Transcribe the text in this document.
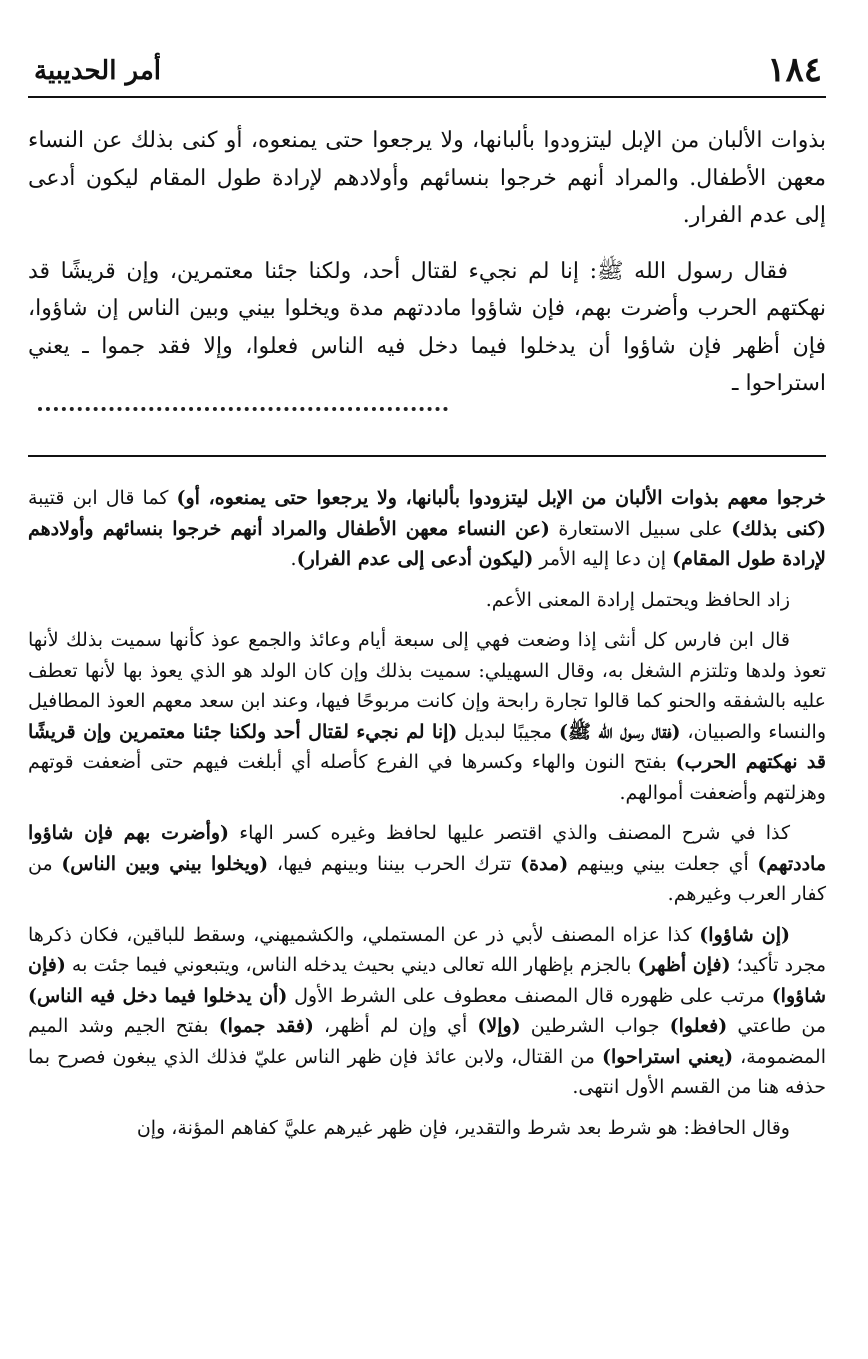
١٨٤
أمر الحديبية

بذوات الألبان من الإبل ليتزودوا بألبانها، ولا يرجعوا حتى يمنعوه، أو كنى بذلك عن النساء معهن الأطفال. والمراد أنهم خرجوا بنسائهم وأولادهم لإرادة طول المقام ليكون أدعى إلى عدم الفرار.

فقال رسول الله ﷺ: إنا لم نجيء لقتال أحد، ولكنا جئنا معتمرين، وإن قريشًا قد نهكتهم الحرب وأضرت بهم، فإن شاؤوا ماددتهم مدة ويخلوا بيني وبين الناس إن شاؤوا، فإن أظهر فإن شاؤوا أن يدخلوا فيما دخل فيه الناس فعلوا، وإلا فقد جموا ـ يعني استراحوا ـ

خرجوا معهم بذوات الألبان من الإبل ليتزودوا بألبانها، ولا يرجعوا حتى يمنعوه، أو) كما قال ابن قتيبة (كنى بذلك) على سبيل الاستعارة (عن النساء معهن الأطفال والمراد أنهم خرجوا بنسائهم وأولادهم لإرادة طول المقام) إن دعا إليه الأمر (ليكون أدعى إلى عدم الفرار).

زاد الحافظ ويحتمل إرادة المعنى الأعم.

قال ابن فارس كل أنثى إذا وضعت فهي إلى سبعة أيام وعائذ والجمع عوذ كأنها سميت بذلك لأنها تعوذ ولدها وتلتزم الشغل به، وقال السهيلي: سميت بذلك وإن كان الولد هو الذي يعوذ بها لأنها تعطف عليه بالشفقه والحنو كما قالوا تجارة رابحة وإن كانت مربوحًا فيها، وعند ابن سعد معهم العوذ المطافيل والنساء والصبيان، (فقال رسول الله ﷺ) مجيبًا لبديل (إنا لم نجيء لقتال أحد ولكنا جئنا معتمرين وإن قريشًا قد نهكتهم الحرب) بفتح النون والهاء وكسرها في الفرع كأصله أي أبلغت فيهم حتى أضعفت قوتهم وهزلتهم وأضعفت أموالهم.

كذا في شرح المصنف والذي اقتصر عليها لحافظ وغيره كسر الهاء (وأضرت بهم فإن شاؤوا ماددتهم) أي جعلت بيني وبينهم (مدة) تترك الحرب بيننا وبينهم فيها، (ويخلوا بيني وبين الناس) من كفار العرب وغيرهم.

(إن شاؤوا) كذا عزاه المصنف لأبي ذر عن المستملي، والكشميهني، وسقط للباقين، فكان ذكرها مجرد تأكيد؛ (فإن أظهر) بالجزم بإظهار الله تعالى ديني بحيث يدخله الناس، ويتبعوني فيما جئت به (فإن شاؤوا) مرتب على ظهوره قال المصنف معطوف على الشرط الأول (أن يدخلوا فيما دخل فيه الناس) من طاعتي (فعلوا) جواب الشرطين (وإلا) أي وإن لم أظهر، (فقد جموا) بفتح الجيم وشد الميم المضمومة، (يعني استراحوا) من القتال، ولابن عائذ فإن ظهر الناس عليّ فذلك الذي يبغون فصرح بما حذفه هنا من القسم الأول انتهى.

وقال الحافظ: هو شرط بعد شرط والتقدير، فإن ظهر غيرهم عليَّ كفاهم المؤنة، وإن
